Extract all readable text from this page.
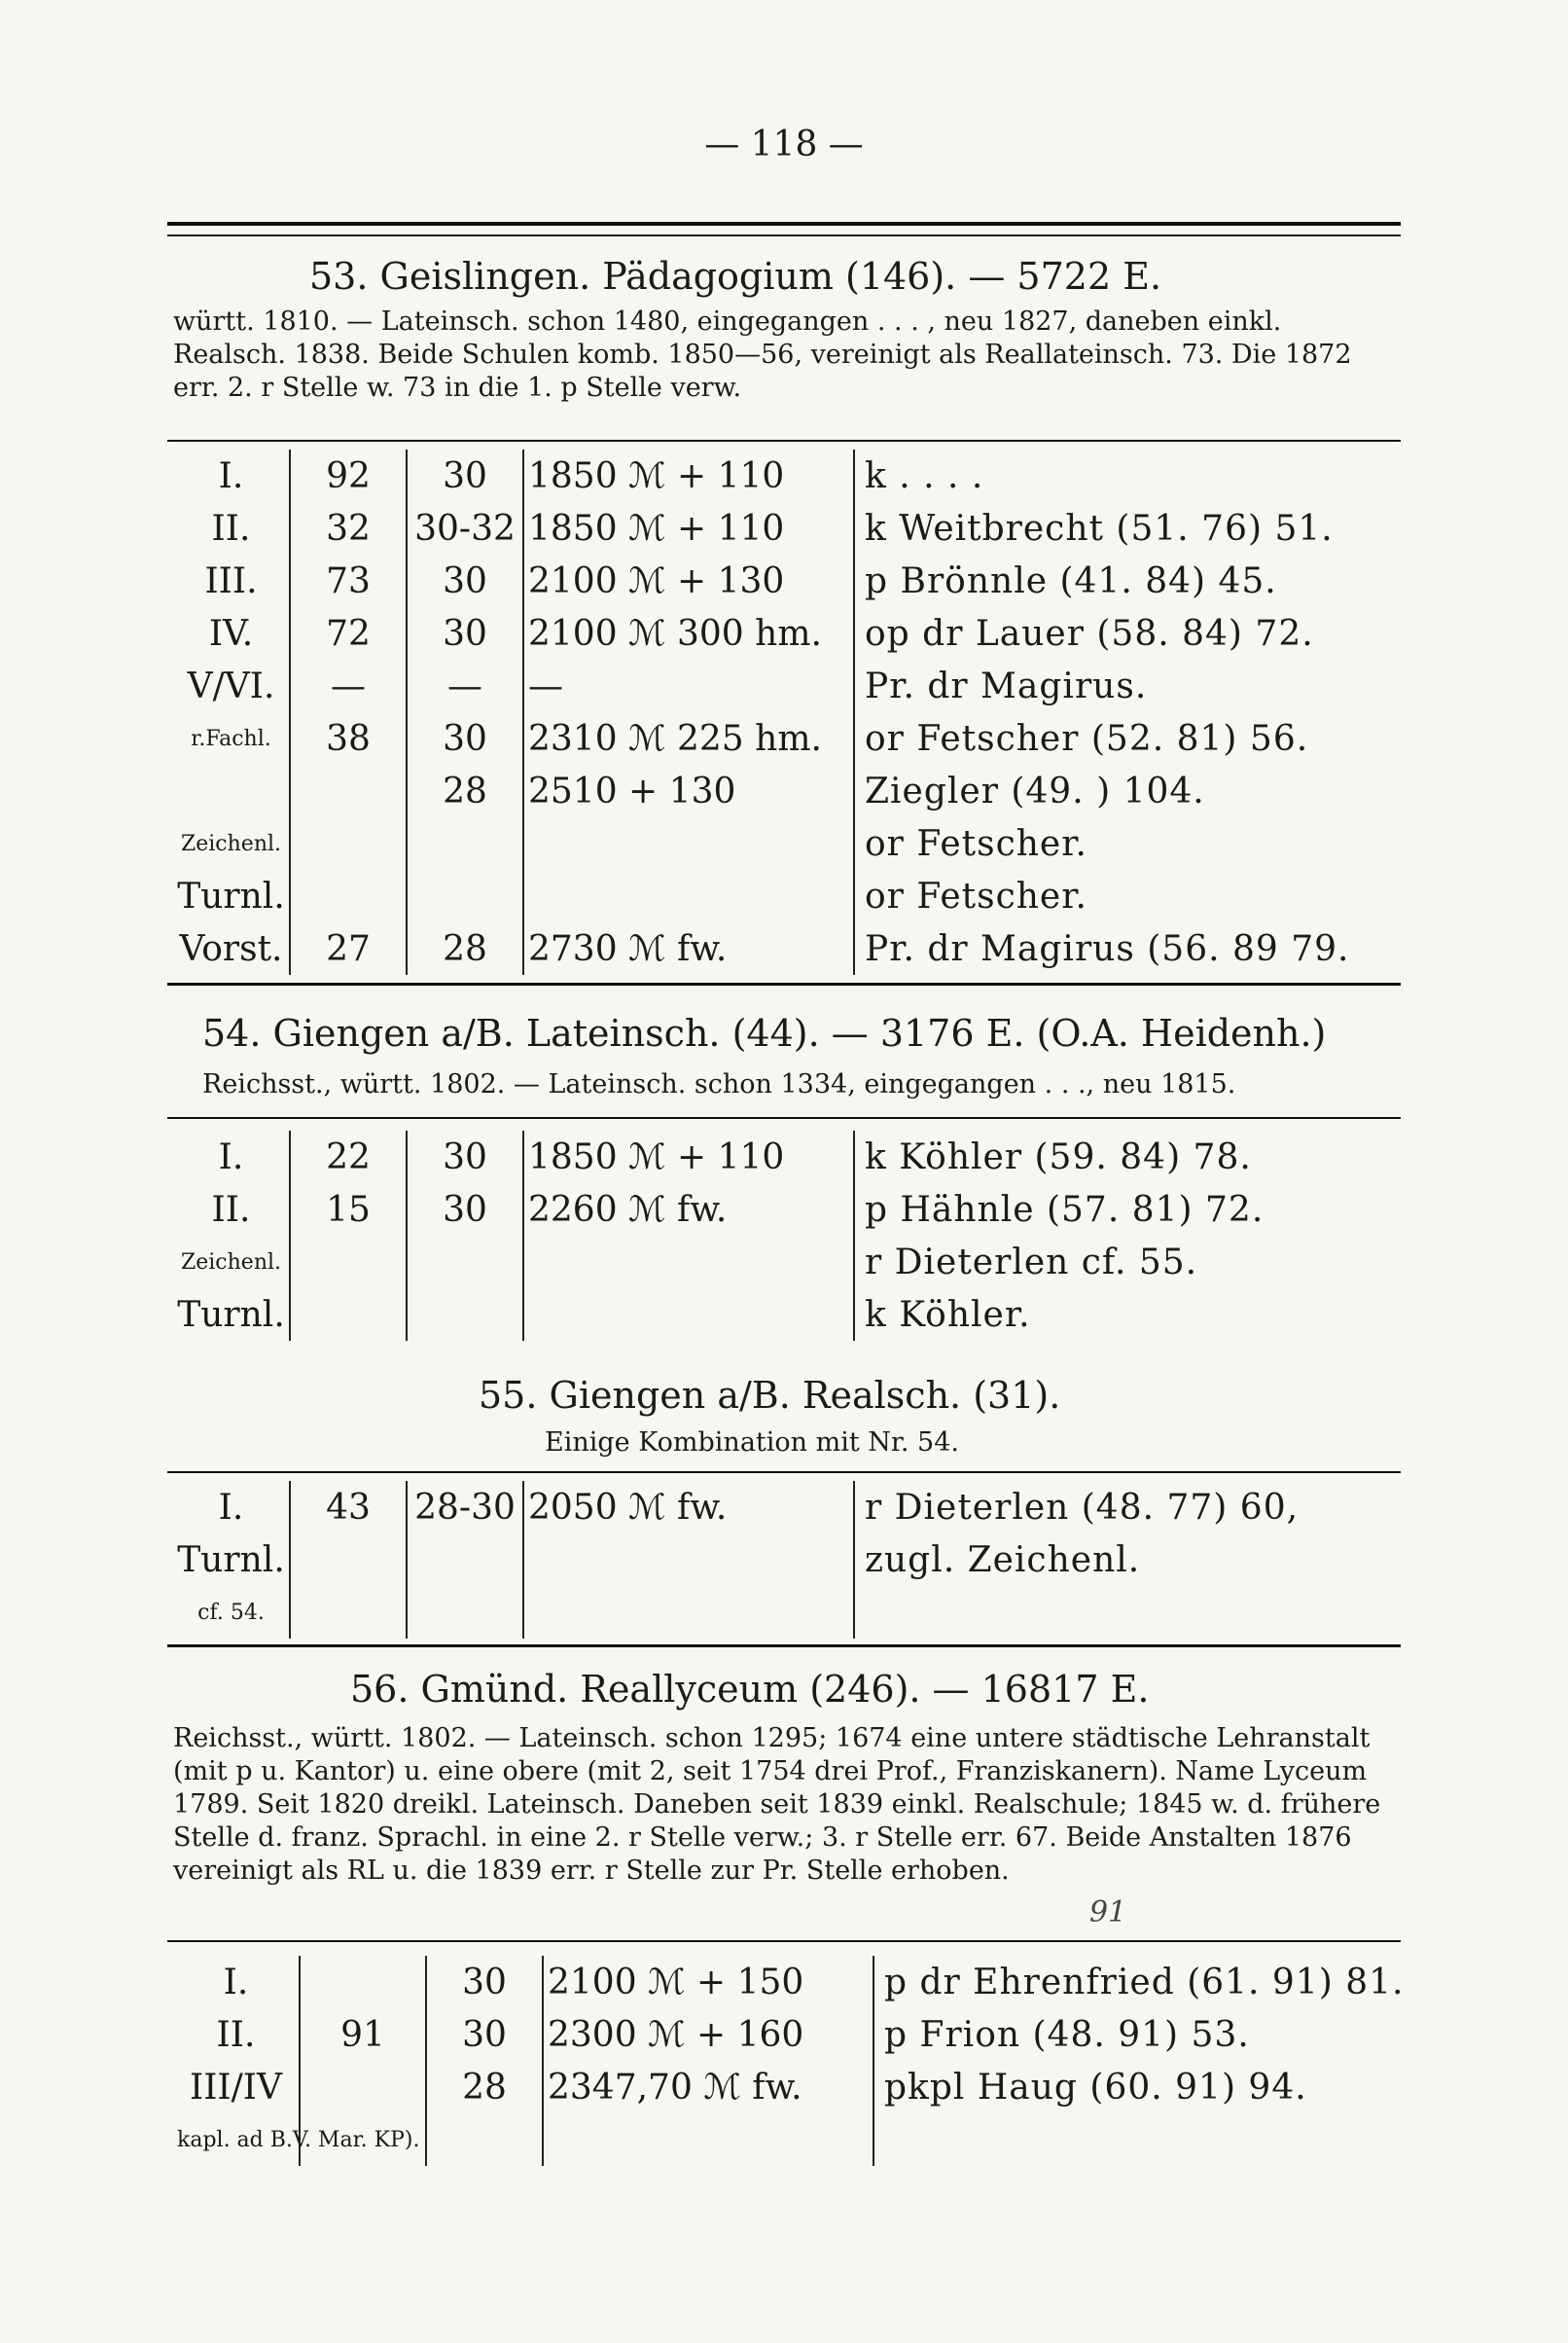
— 118 —
53. Geislingen. Pädagogium (146). — 5722 E.
württ. 1810. — Lateinsch. schon 1480, eingegangen . . . , neu 1827, daneben einkl. Realsch. 1838. Beide Schulen komb. 1850—56, vereinigt als Reallateinsch. 73. Die 1872 err. 2. r Stelle w. 73 in die 1. p Stelle verw.
I.	92	30	1850 ℳ + 110	k . . . .
II.	32	30-32	1850 ℳ + 110	k Weitbrecht (51. 76) 51.
III.	73	30	2100 ℳ + 130	p Brönnle (41. 84) 45.
IV.	72	30	2100 ℳ 300 hm.	op dr Lauer (58. 84) 72.
V/VI.	—	—	—	Pr. dr Magirus.
r.Fachl.	38	30	2310 ℳ 225 hm.	or Fetscher (52. 81) 56.
		28	2510 + 130	Ziegler (49. ) 104.
Zeichenl.				or Fetscher.
Turnl.				or Fetscher.
Vorst.	27	28	2730 ℳ fw.	Pr. dr Magirus (56. 89 79.
54. Giengen a/B. Lateinsch. (44). — 3176 E. (O.A. Heidenh.)
Reichsst., württ. 1802. — Lateinsch. schon 1334, eingegangen . . ., neu 1815.
I.	22	30	1850 ℳ + 110	k Köhler (59. 84) 78.
II.	15	30	2260 ℳ fw.	p Hähnle (57. 81) 72.
Zeichenl.				r Dieterlen cf. 55.
Turnl.				k Köhler.
55. Giengen a/B. Realsch. (31).
Einige Kombination mit Nr. 54.
I.	43	28-30	2050 ℳ fw.	r Dieterlen (48. 77) 60,
Turnl.				zugl. Zeichenl.
cf. 54.				
56. Gmünd. Reallyceum (246). — 16817 E.
Reichsst., württ. 1802. — Lateinsch. schon 1295; 1674 eine untere städtische Lehranstalt (mit p u. Kantor) u. eine obere (mit 2, seit 1754 drei Prof., Franziskanern). Name Lyceum 1789. Seit 1820 dreikl. Lateinsch. Daneben seit 1839 einkl. Realschule; 1845 w. d. frühere Stelle d. franz. Sprachl. in eine 2. r Stelle verw.; 3. r Stelle err. 67. Beide Anstalten 1876 vereinigt als RL u. die 1839 err. r Stelle zur Pr. Stelle erhoben.
91
I.		30	2100 ℳ + 150	p dr Ehrenfried (61. 91) 81.
II.	91	30	2300 ℳ + 160	p Frion (48. 91) 53.
III/IV		28	2347,70 ℳ fw.	pkpl Haug (60. 91) 94.
kapl. ad B.V. Mar. KP).				
